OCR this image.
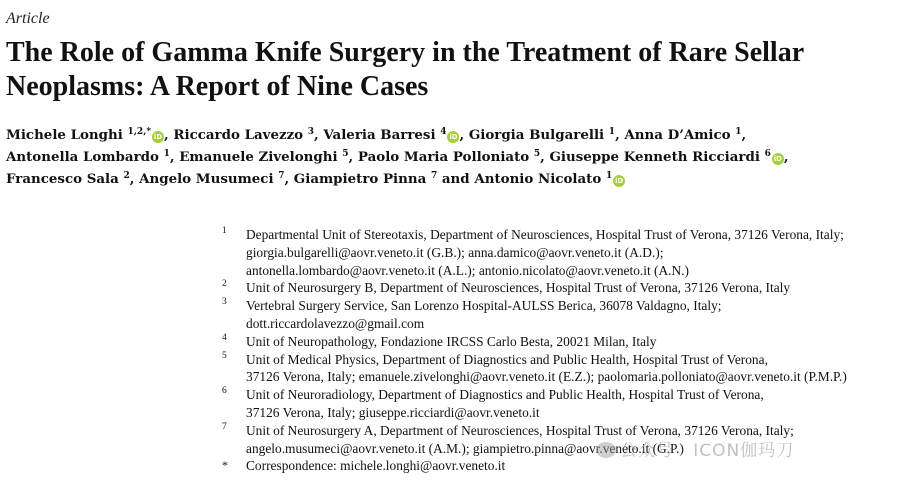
Article
The Role of Gamma Knife Surgery in the Treatment of Rare Sellar Neoplasms: A Report of Nine Cases
Michele Longhi $^{1,2,*}$ iD , Riccardo Lavezzo $^3$, Valeria Barresi $^4$ iD , Giorgia Bulgarelli $^1$, Anna D’Amico $^1$,
Antonella Lombardo $^1$, Emanuele Zivelonghi $^5$, Paolo Maria Polloniato $^5$, Giuseppe Kenneth Ricciardi $^6$ iD ,
Francesco Sala $^2$, Angelo Musumeci $^7$, Giampietro Pinna $^7$ and Antonio Nicolato $^1$ iD
1 Departmental Unit of Stereotaxis, Department of Neurosciences, Hospital Trust of Verona, 37126 Verona, Italy;
giorgia.bulgarelli@aovr.veneto.it (G.B.); anna.damico@aovr.veneto.it (A.D.);
antonella.lombardo@aovr.veneto.it (A.L.); antonio.nicolato@aovr.veneto.it (A.N.)
2 Unit of Neurosurgery B, Department of Neurosciences, Hospital Trust of Verona, 37126 Verona, Italy
3 Vertebral Surgery Service, San Lorenzo Hospital-AULSS Berica, 36078 Valdagno, Italy;
dott.riccardolavezzo@gmail.com
4 Unit of Neuropathology, Fondazione IRCSS Carlo Besta, 20021 Milan, Italy
5 Unit of Medical Physics, Department of Diagnostics and Public Health, Hospital Trust of Verona,
37126 Verona, Italy; emanuele.zivelonghi@aovr.veneto.it (E.Z.); paolomaria.polloniato@aovr.veneto.it (P.M.P.)
6 Unit of Neuroradiology, Department of Diagnostics and Public Health, Hospital Trust of Verona,
37126 Verona, Italy; giuseppe.ricciardi@aovr.veneto.it
7 Unit of Neurosurgery A, Department of Neurosciences, Hospital Trust of Verona, 37126 Verona, Italy;
angelo.musumeci@aovr.veneto.it (A.M.); giampietro.pinna@aovr.veneto.it (G.P.)
* Correspondence: michele.longhi@aovr.veneto.it
公众号 · ICON伽玛刀
